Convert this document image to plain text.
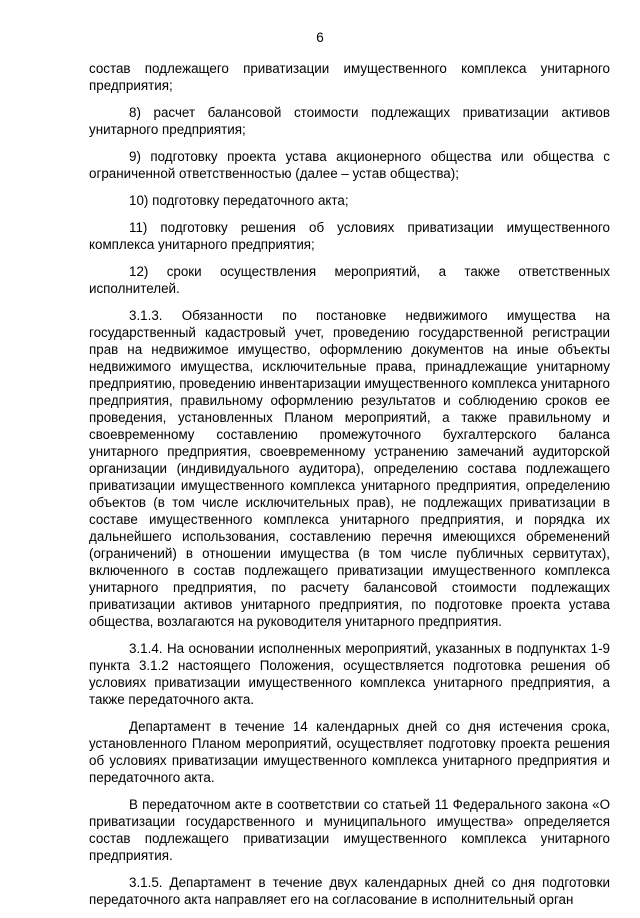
6

состав подлежащего приватизации имущественного комплекса унитарного предприятия;

8) расчет балансовой стоимости подлежащих приватизации активов унитарного предприятия;

9) подготовку проекта устава акционерного общества или общества с ограниченной ответственностью (далее – устав общества);

10) подготовку передаточного акта;

11) подготовку решения об условиях приватизации имущественного комплекса унитарного предприятия;

12) сроки осуществления мероприятий, а также ответственных исполнителей.

3.1.3. Обязанности по постановке недвижимого имущества на государственный кадастровый учет, проведению государственной регистрации прав на недвижимое имущество, оформлению документов на иные объекты недвижимого имущества, исключительные права, принадлежащие унитарному предприятию, проведению инвентаризации имущественного комплекса унитарного предприятия, правильному оформлению результатов и соблюдению сроков ее проведения, установленных Планом мероприятий, а также правильному и своевременному составлению промежуточного бухгалтерского баланса унитарного предприятия, своевременному устранению замечаний аудиторской организации (индивидуального аудитора), определению состава подлежащего приватизации имущественного комплекса унитарного предприятия, определению объектов (в том числе исключительных прав), не подлежащих приватизации в составе имущественного комплекса унитарного предприятия, и порядка их дальнейшего использования, составлению перечня имеющихся обременений (ограничений) в отношении имущества (в том числе публичных сервитутах), включенного в состав подлежащего приватизации имущественного комплекса унитарного предприятия, по расчету балансовой стоимости подлежащих приватизации активов унитарного предприятия, по подготовке проекта устава общества, возлагаются на руководителя унитарного предприятия.

3.1.4. На основании исполненных мероприятий, указанных в подпунктах 1-9 пункта 3.1.2 настоящего Положения, осуществляется подготовка решения об условиях приватизации имущественного комплекса унитарного предприятия, а также передаточного акта.

Департамент в течение 14 календарных дней со дня истечения срока, установленного Планом мероприятий, осуществляет подготовку проекта решения об условиях приватизации имущественного комплекса унитарного предприятия и передаточного акта.

В передаточном акте в соответствии со статьей 11 Федерального закона «О приватизации государственного и муниципального имущества» определяется состав подлежащего приватизации имущественного комплекса унитарного предприятия.

3.1.5. Департамент в течение двух календарных дней со дня подготовки передаточного акта направляет его на согласование в исполнительный орган
